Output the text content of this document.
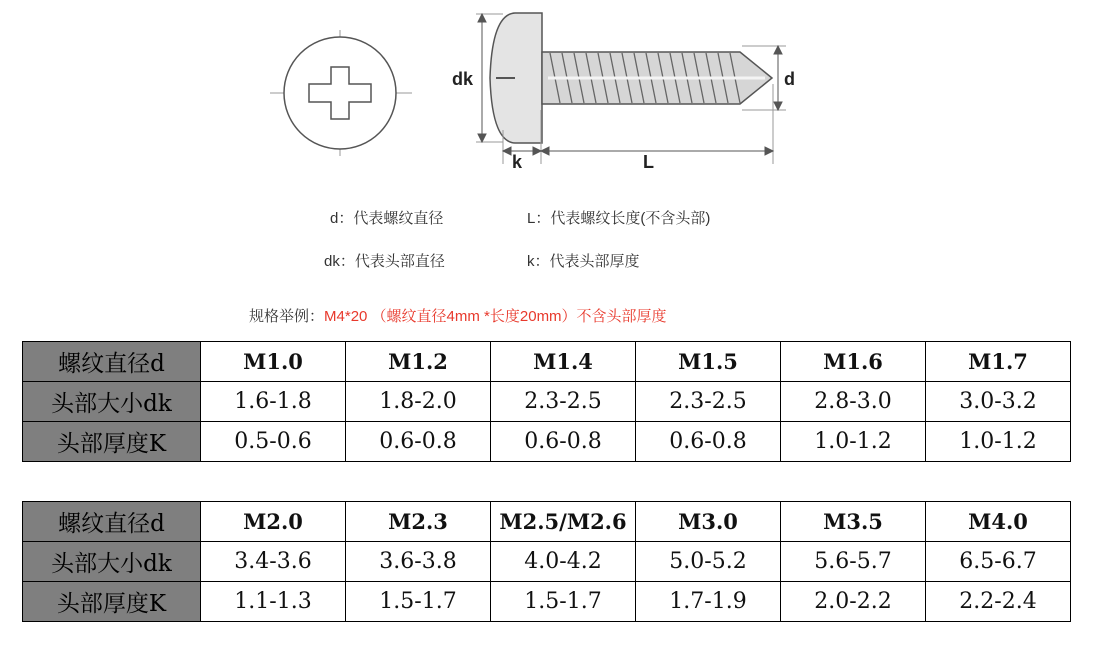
dk	d
k	L
d：代表螺纹直径	L：代表螺纹长度(不含头部)
dk：代表头部直径	k：代表头部厚度
规格举例：M4*20 （螺纹直径4mm *长度20mm）不含头部厚度
螺纹直径d	M1.0	M1.2	M1.4	M1.5	M1.6	M1.7
头部大小dk	1.6-1.8	1.8-2.0	2.3-2.5	2.3-2.5	2.8-3.0	3.0-3.2
头部厚度K	0.5-0.6	0.6-0.8	0.6-0.8	0.6-0.8	1.0-1.2	1.0-1.2
螺纹直径d	M2.0	M2.3	M2.5/M2.6	M3.0	M3.5	M4.0
头部大小dk	3.4-3.6	3.6-3.8	4.0-4.2	5.0-5.2	5.6-5.7	6.5-6.7
头部厚度K	1.1-1.3	1.5-1.7	1.5-1.7	1.7-1.9	2.0-2.2	2.2-2.4
